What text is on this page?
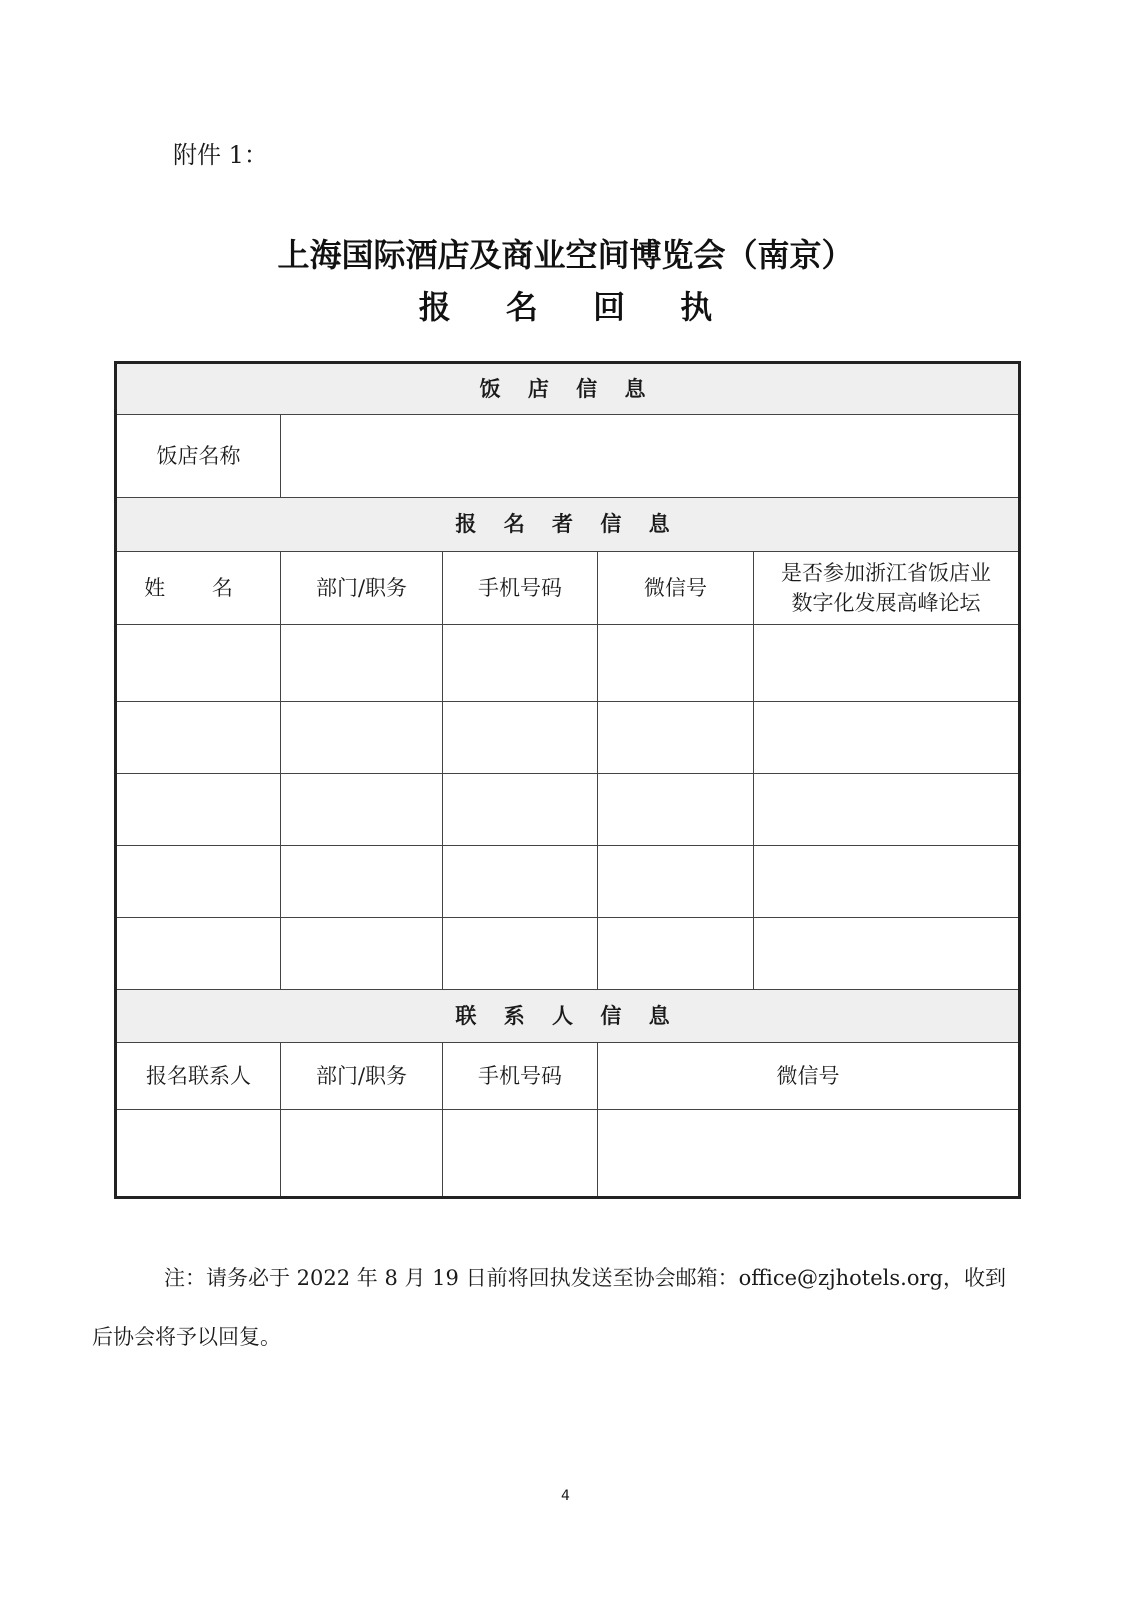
附件 1：
上海国际酒店及商业空间博览会（南京）
报 名 回 执
饭 店 信 息				
饭店名称				
报 名 者 信 息				
姓 名	部门/职务	手机号码	微信号	是否参加浙江省饭店业
数字化发展高峰论坛

联 系 人 信 息				
报名联系人	部门/职务	手机号码	微信号	

注：请务必于 2022 年 8 月 19 日前将回执发送至协会邮箱：office@zjhotels.org，收到
后协会将予以回复。
4
